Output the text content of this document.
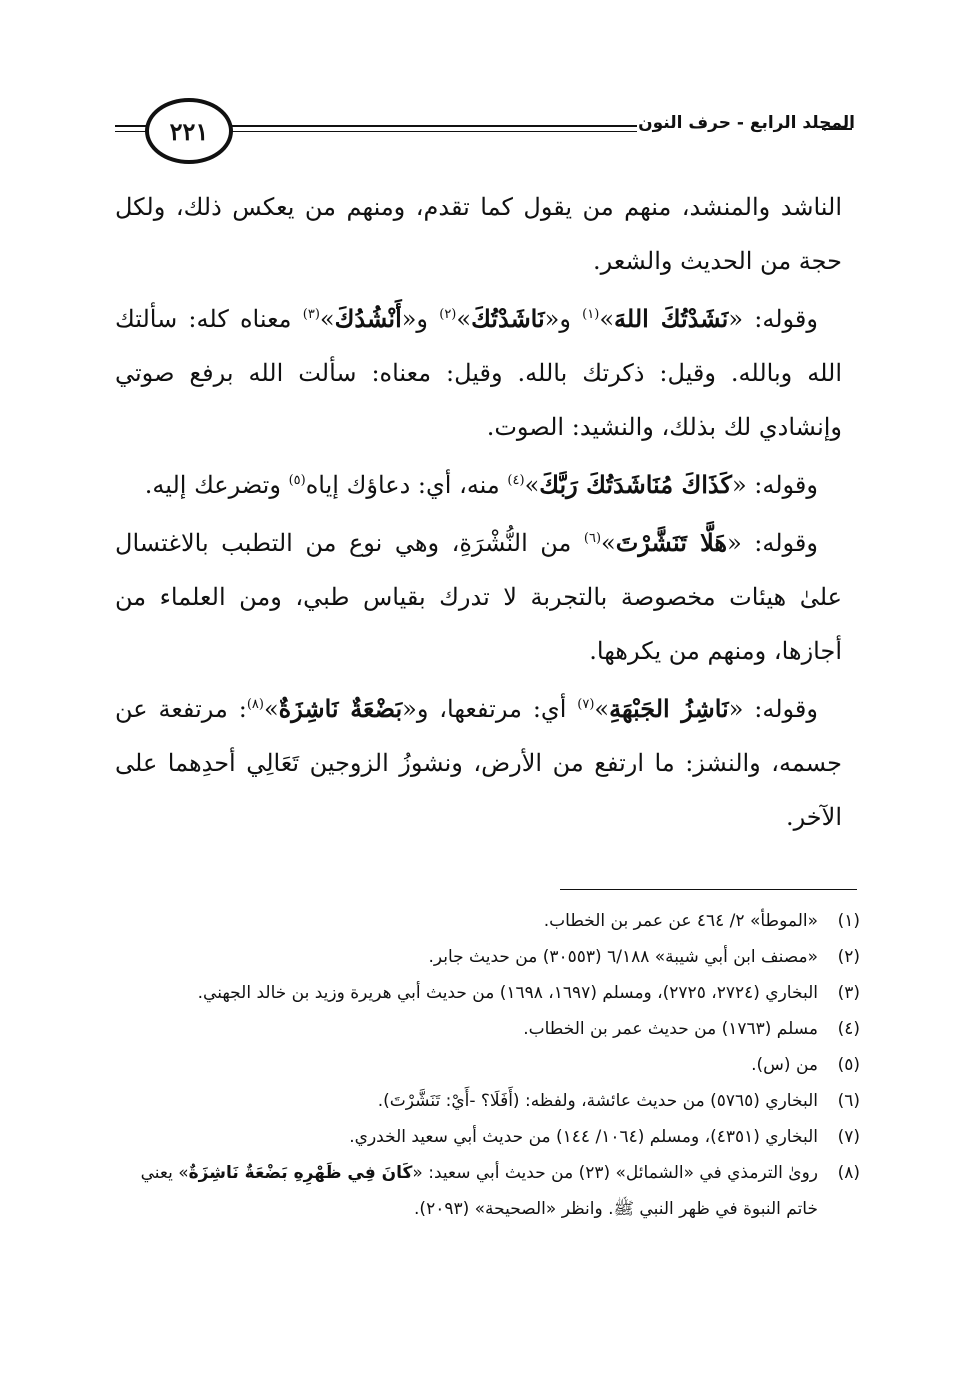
المجلد الرابع - حرف النون
٢٢١

الناشد والمنشد، منهم من يقول كما تقدم، ومنهم من يعكس ذلك، ولكل حجة من الحديث والشعر.

وقوله: «نَشَدْتُكَ اللهَ»$^{(١)}$ و«نَاشَدْتُكَ»$^{(٢)}$ و«أَنْشُدُكَ»$^{(٣)}$ معناه كله: سألتك الله وبالله. وقيل: ذكرتك بالله. وقيل: معناه: سألت الله برفع صوتي وإنشادي لك بذلك، والنشيد: الصوت.

وقوله: «كَذَاكَ مُنَاشَدَتُكَ رَبَّكَ»$^{(٤)}$ منه، أي: دعاؤك إياه$^{(٥)}$ وتضرعك إليه.

وقوله: «هَلَّا تَنَشَّرْتَ»$^{(٦)}$ من النُّشْرَةِ، وهي نوع من التطبب بالاغتسال علىٰ هيئات مخصوصة بالتجربة لا تدرك بقياس طبي، ومن العلماء من أجازها، ومنهم من يكرهها.

وقوله: «نَاشِزُ الجَبْهَةِ»$^{(٧)}$ أي: مرتفعها، و«بَضْعَةٌ نَاشِزَةٌ»$^{(٨)}$: مرتفعة عن جسمه، والنشز: ما ارتفع من الأرض، ونشوزُ الزوجين تَعَالِي أحدِهما على الآخر.

(١)
«الموطأ» ٢/ ٤٦٤ عن عمر بن الخطاب.
(٢)
«مصنف ابن أبي شيبة» ٦/١٨٨ (٣٠٥٥٣) من حديث جابر.
(٣)
البخاري (٢٧٢٤، ٢٧٢٥)، ومسلم (١٦٩٧، ١٦٩٨) من حديث أبي هريرة وزيد بن خالد الجهني.
(٤)
مسلم (١٧٦٣) من حديث عمر بن الخطاب.
(٥)
من (س).
(٦)
البخاري (٥٧٦٥) من حديث عائشة، ولفظه: (أَفَلَا؟ -أَيْ: تَنَشَّرْتَ).
(٧)
البخاري (٤٣٥١)، ومسلم (١٠٦٤/ ١٤٤) من حديث أبي سعيد الخدري.
(٨)
رویٰ الترمذي في «الشمائل» (٢٣) من حديث أبي سعيد: «كَانَ فِي ظَهْرِهِ بَضْعَةٌ نَاشِزَةٌ» يعني خاتم النبوة في ظهر النبي ﷺ. وانظر «الصحيحة» (٢٠٩٣).
